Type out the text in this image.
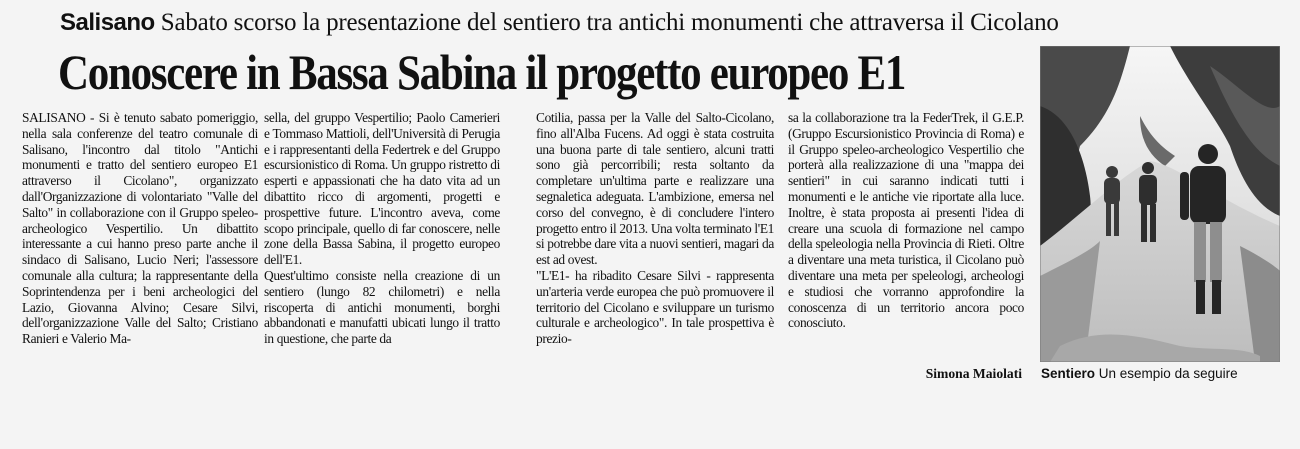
Salisano Sabato scorso la presentazione del sentiero tra antichi monumenti che attraversa il Cicolano
Conoscere in Bassa Sabina il progetto europeo E1

SALISANO - Si è tenuto sabato pomeriggio, nella sala conferenze del teatro comunale di Salisano, l'incontro dal titolo "Antichi monumenti e tratto del sentiero europeo E1 attraverso il Cicolano", organizzato dall'Organizzazione di volontariato "Valle del Salto" in collaborazione con il Gruppo speleo-archeologico Vespertilio. Un dibattito interessante a cui hanno preso parte anche il sindaco di Salisano, Lucio Neri; l'assessore comunale alla cultura; la rappresentante della Soprintendenza per i beni archeologici del Lazio, Giovanna Alvino; Cesare Silvi, dell'organizzazione Valle del Salto; Cristiano Ranieri e Valerio Ma-

sella, del gruppo Vespertilio; Paolo Camerieri e Tommaso Mattioli, dell'Università di Perugia e i rappresentanti della Federtrek e del Gruppo escursionistico di Roma. Un gruppo ristretto di esperti e appassionati che ha dato vita ad un dibattito ricco di argomenti, progetti e prospettive future. L'incontro aveva, come scopo principale, quello di far conoscere, nelle zone della Bassa Sabina, il progetto europeo dell'E1.

Quest'ultimo consiste nella creazione di un sentiero (lungo 82 chilometri) e nella riscoperta di antichi monumenti, borghi abbandonati e manufatti ubicati lungo il tratto in questione, che parte da

Cotilia, passa per la Valle del Salto-Cicolano, fino all'Alba Fucens. Ad oggi è stata costruita una buona parte di tale sentiero, alcuni tratti sono già percorribili; resta soltanto da completare un'ultima parte e realizzare una segnaletica adeguata. L'ambizione, emersa nel corso del convegno, è di concludere l'intero progetto entro il 2013. Una volta terminato l'E1 si potrebbe dare vita a nuovi sentieri, magari da est ad ovest.

"L'E1- ha ribadito Cesare Silvi - rappresenta un'arteria verde europea che può promuovere il territorio del Cicolano e sviluppare un turismo culturale e archeologico". In tale prospettiva è prezio-

sa la collaborazione tra la FederTrek, il G.E.P. (Gruppo Escursionistico Provincia di Roma) e il Gruppo speleo-archeologico Vespertilio che porterà alla realizzazione di una "mappa dei sentieri" in cui saranno indicati tutti i monumenti e le antiche vie riportate alla luce. Inoltre, è stata proposta ai presenti l'idea di creare una scuola di formazione nel campo della speleologia nella Provincia di Rieti. Oltre a diventare una meta turistica, il Cicolano può diventare una meta per speleologi, archeologi e studiosi che vorranno approfondire la conoscenza di un territorio ancora poco conosciuto.

Simona Maiolati Sentiero Un esempio da seguire
